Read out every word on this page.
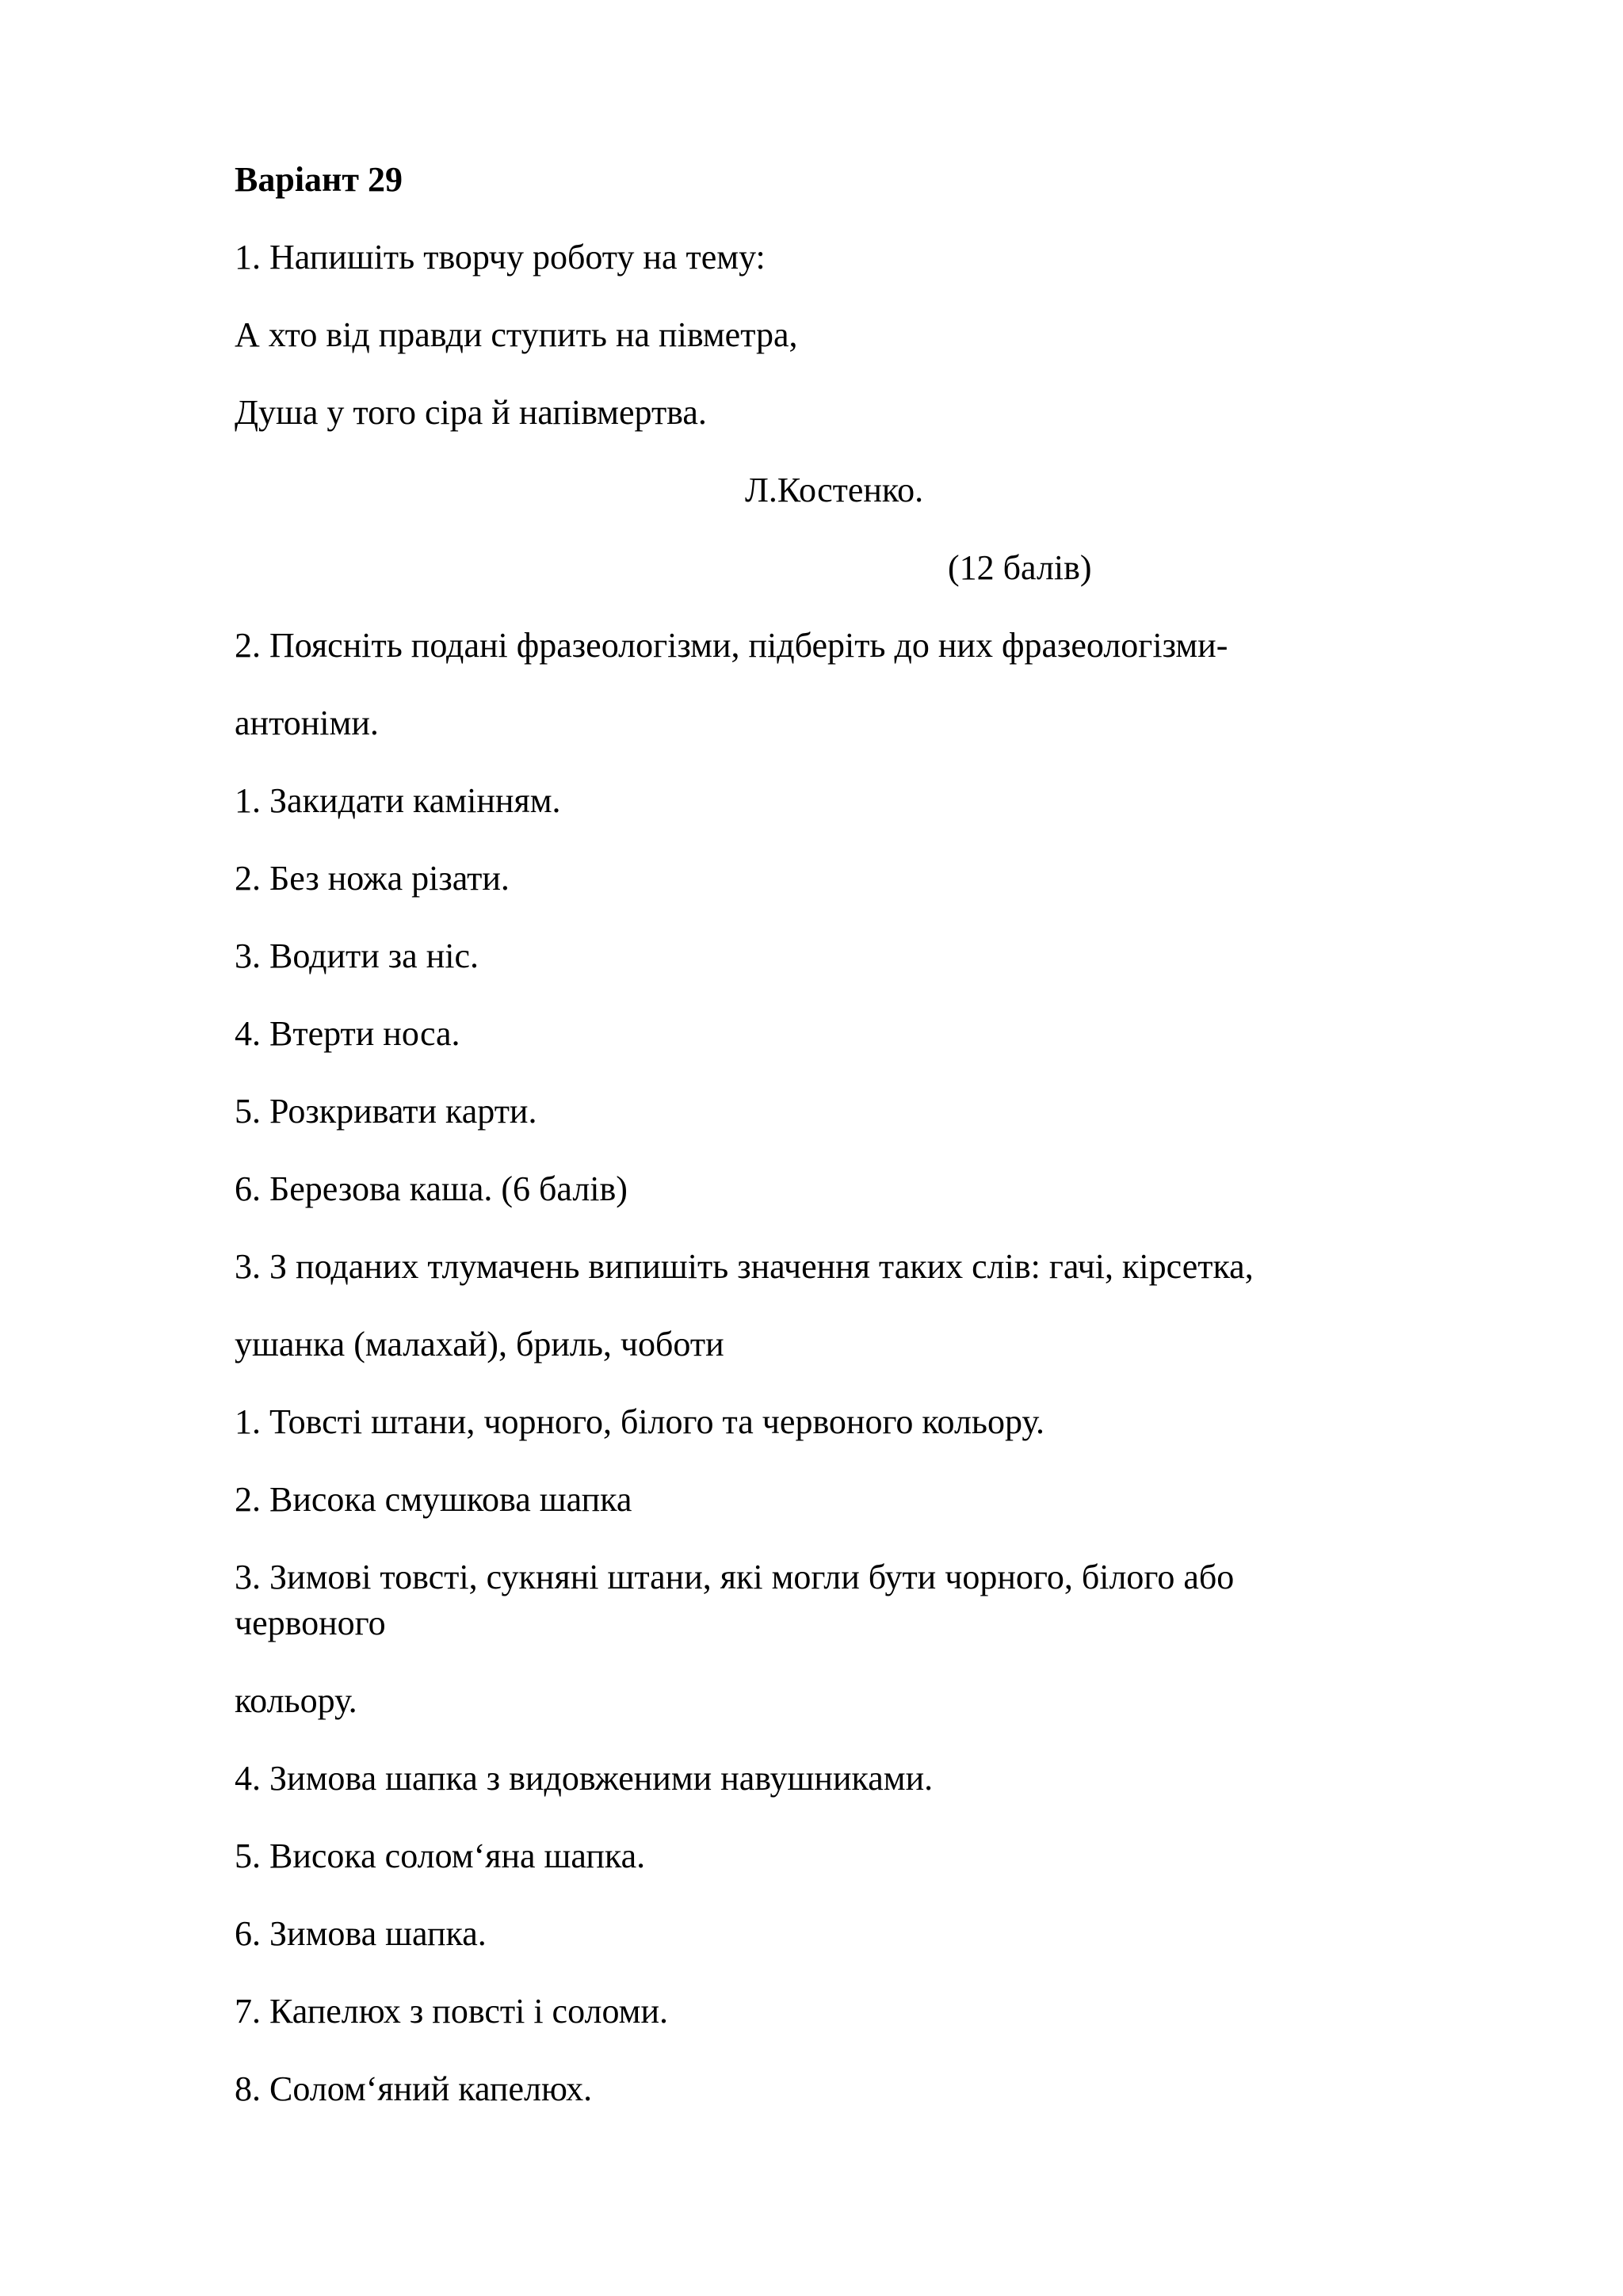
Варіант 29
1. Напишіть творчу роботу на тему:
А хто від правди ступить на півметра,
Душа у того сіра й напівмертва.
Л.Костенко.
(12 балів)
2. Поясніть подані фразеологізми, підберіть до них фразеологізми-
антоніми.
1. Закидати камінням.
2. Без ножа різати.
3. Водити за ніс.
4. Втерти носа.
5. Розкривати карти.
6. Березова каша. (6 балів)
3. З поданих тлумачень випишіть значення таких слів: гачі, кірсетка,
ушанка (малахай), бриль, чоботи
1. Товсті штани, чорного, білого та червоного кольору.
2. Висока смушкова шапка
3. Зимові товсті, сукняні штани, які могли бути чорного, білого або
червоного
кольору.
4. Зимова шапка з видовженими навушниками.
5. Висока солом‘яна шапка.
6. Зимова шапка.
7. Капелюх з повсті і соломи.
8. Солом‘яний капелюх.
